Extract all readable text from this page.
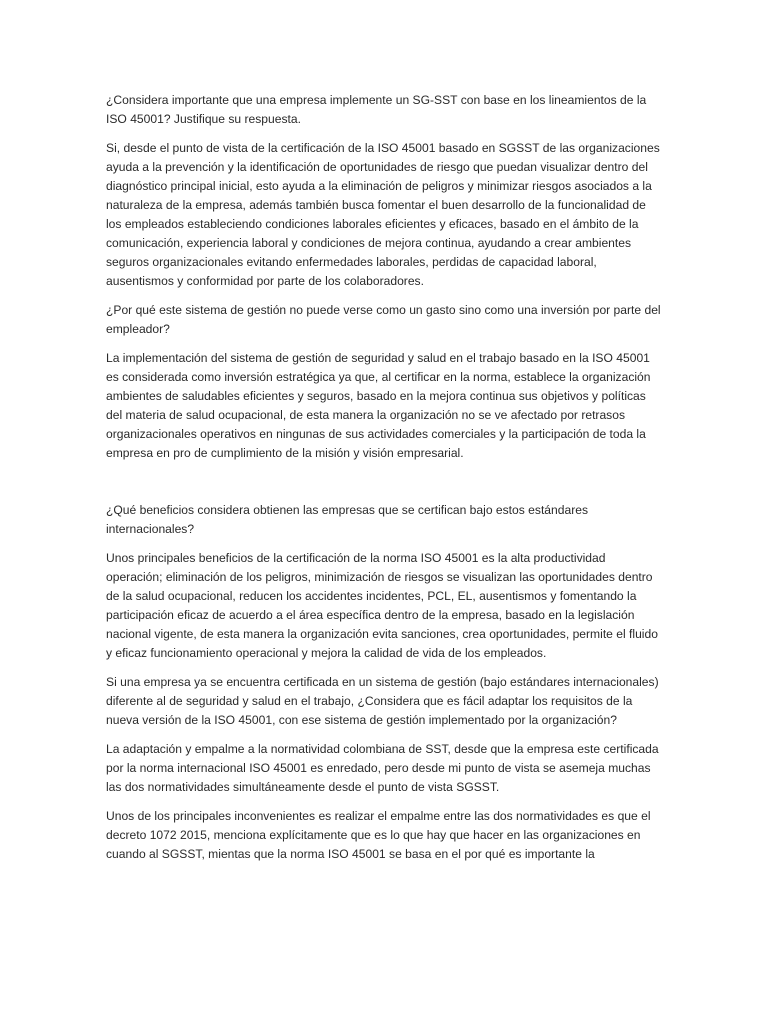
¿Considera importante que una empresa implemente un SG-SST con base en los lineamientos de la ISO 45001? Justifique su respuesta.

Si, desde el punto de vista de la certificación de la ISO 45001 basado en SGSST de las organizaciones ayuda a la prevención y la identificación de oportunidades de riesgo que puedan visualizar dentro del diagnóstico principal inicial, esto ayuda a la eliminación de peligros y minimizar riesgos asociados a la naturaleza de la empresa, además también busca fomentar el buen desarrollo de la funcionalidad de los empleados estableciendo condiciones laborales eficientes y eficaces, basado en el ámbito de la comunicación, experiencia laboral y condiciones de mejora continua, ayudando a crear ambientes seguros organizacionales evitando enfermedades laborales, perdidas de capacidad laboral, ausentismos y conformidad por parte de los colaboradores.

¿Por qué este sistema de gestión no puede verse como un gasto sino como una inversión por parte del empleador?

La implementación del sistema de gestión de seguridad y salud en el trabajo basado en la ISO 45001 es considerada como inversión estratégica ya que, al certificar en la norma, establece la organización ambientes de saludables eficientes y seguros, basado en la mejora continua sus objetivos y políticas del materia de salud ocupacional, de esta manera la organización no se ve afectado por retrasos organizacionales operativos en ningunas de sus actividades comerciales y la participación de toda la empresa en pro de cumplimiento de la misión y visión empresarial.

¿Qué beneficios considera obtienen las empresas que se certifican bajo estos estándares internacionales?

Unos principales beneficios de la certificación de la norma ISO 45001 es la alta productividad operación; eliminación de los peligros, minimización de riesgos se visualizan las oportunidades dentro de la salud ocupacional, reducen los accidentes incidentes, PCL, EL, ausentismos y fomentando la participación eficaz de acuerdo a el área específica dentro de la empresa, basado en la legislación nacional vigente, de esta manera la organización evita sanciones, crea oportunidades, permite el fluido y eficaz funcionamiento operacional y mejora la calidad de vida de los empleados.

Si una empresa ya se encuentra certificada en un sistema de gestión (bajo estándares internacionales) diferente al de seguridad y salud en el trabajo, ¿Considera que es fácil adaptar los requisitos de la nueva versión de la ISO 45001, con ese sistema de gestión implementado por la organización?

La adaptación y empalme a la normatividad colombiana de SST, desde que la empresa este certificada por la norma internacional ISO 45001 es enredado, pero desde mi punto de vista se asemeja muchas las dos normatividades simultáneamente desde el punto de vista SGSST.

Unos de los principales inconvenientes es realizar el empalme entre las dos normatividades es que el decreto 1072 2015, menciona explícitamente que es lo que hay que hacer en las organizaciones en cuando al SGSST, mientas que la norma ISO 45001 se basa en el por qué es importante la
